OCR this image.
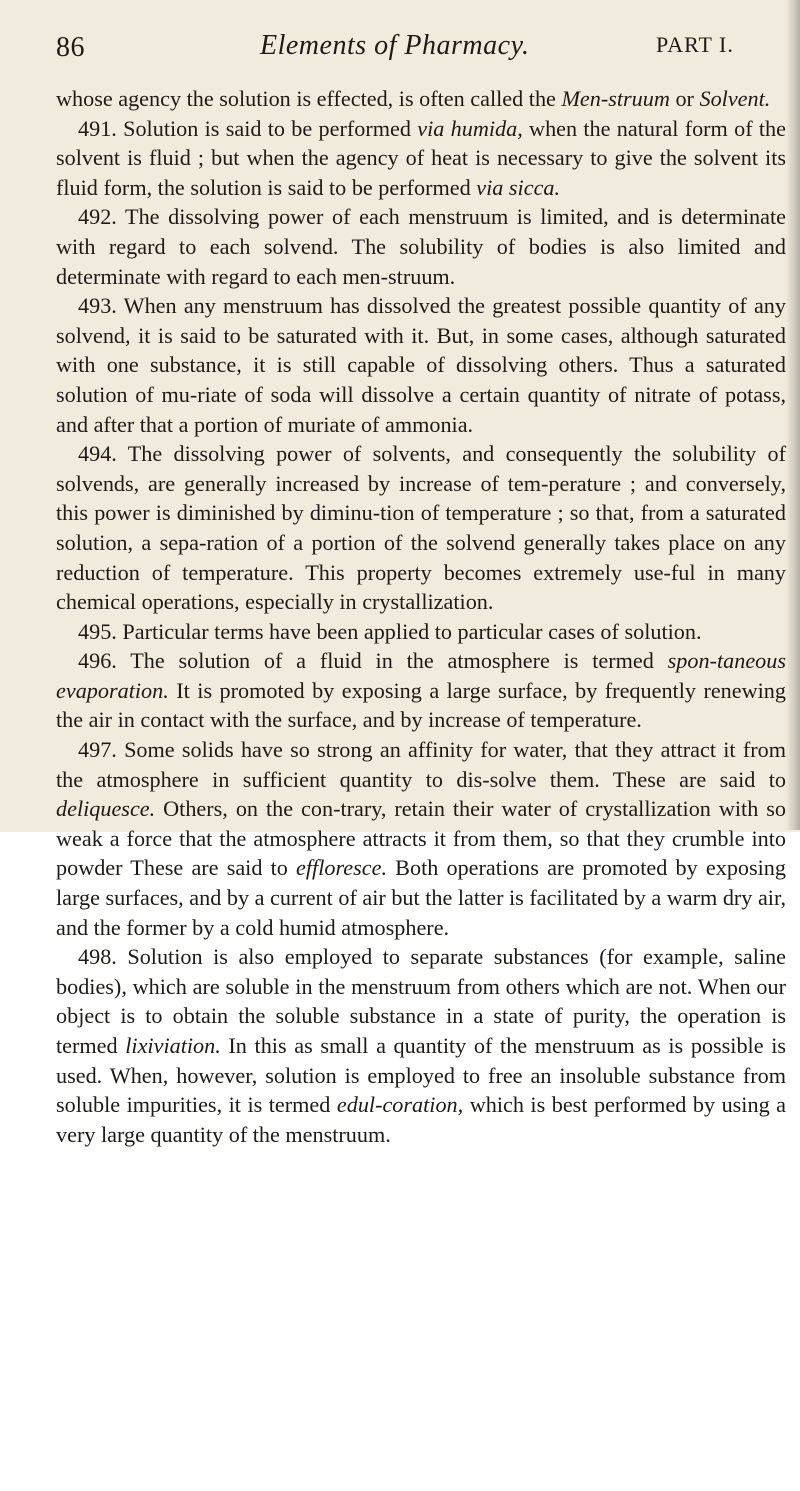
86	Elements of Pharmacy.	PART I.

whose agency the solution is effected, is often called the Men-struum or Solvent.

491. Solution is said to be performed via humida, when the natural form of the solvent is fluid ; but when the agency of heat is necessary to give the solvent its fluid form, the solution is said to be performed via sicca.

492. The dissolving power of each menstruum is limited, and is determinate with regard to each solvend. The solubility of bodies is also limited and determinate with regard to each men-struum.

493. When any menstruum has dissolved the greatest possible quantity of any solvend, it is said to be saturated with it. But, in some cases, although saturated with one substance, it is still capable of dissolving others. Thus a saturated solution of mu-riate of soda will dissolve a certain quantity of nitrate of potass, and after that a portion of muriate of ammonia.

494. The dissolving power of solvents, and consequently the solubility of solvends, are generally increased by increase of tem-perature ; and conversely, this power is diminished by diminu-tion of temperature ; so that, from a saturated solution, a sepa-ration of a portion of the solvend generally takes place on any reduction of temperature. This property becomes extremely use-ful in many chemical operations, especially in crystallization.

495. Particular terms have been applied to particular cases of solution.

496. The solution of a fluid in the atmosphere is termed spon-taneous evaporation. It is promoted by exposing a large surface, by frequently renewing the air in contact with the surface, and by increase of temperature.

497. Some solids have so strong an affinity for water, that they attract it from the atmosphere in sufficient quantity to dis-solve them. These are said to deliquesce. Others, on the con-trary, retain their water of crystallization with so weak a force that the atmosphere attracts it from them, so that they crumble into powder These are said to effloresce. Both operations are promoted by exposing large surfaces, and by a current of air but the latter is facilitated by a warm dry air, and the former by a cold humid atmosphere.

498. Solution is also employed to separate substances (for example, saline bodies), which are soluble in the menstruum from others which are not. When our object is to obtain the soluble substance in a state of purity, the operation is termed lixiviation. In this as small a quantity of the menstruum as is possible is used. When, however, solution is employed to free an insoluble substance from soluble impurities, it is termed edul-coration, which is best performed by using a very large quantity of the menstruum.
